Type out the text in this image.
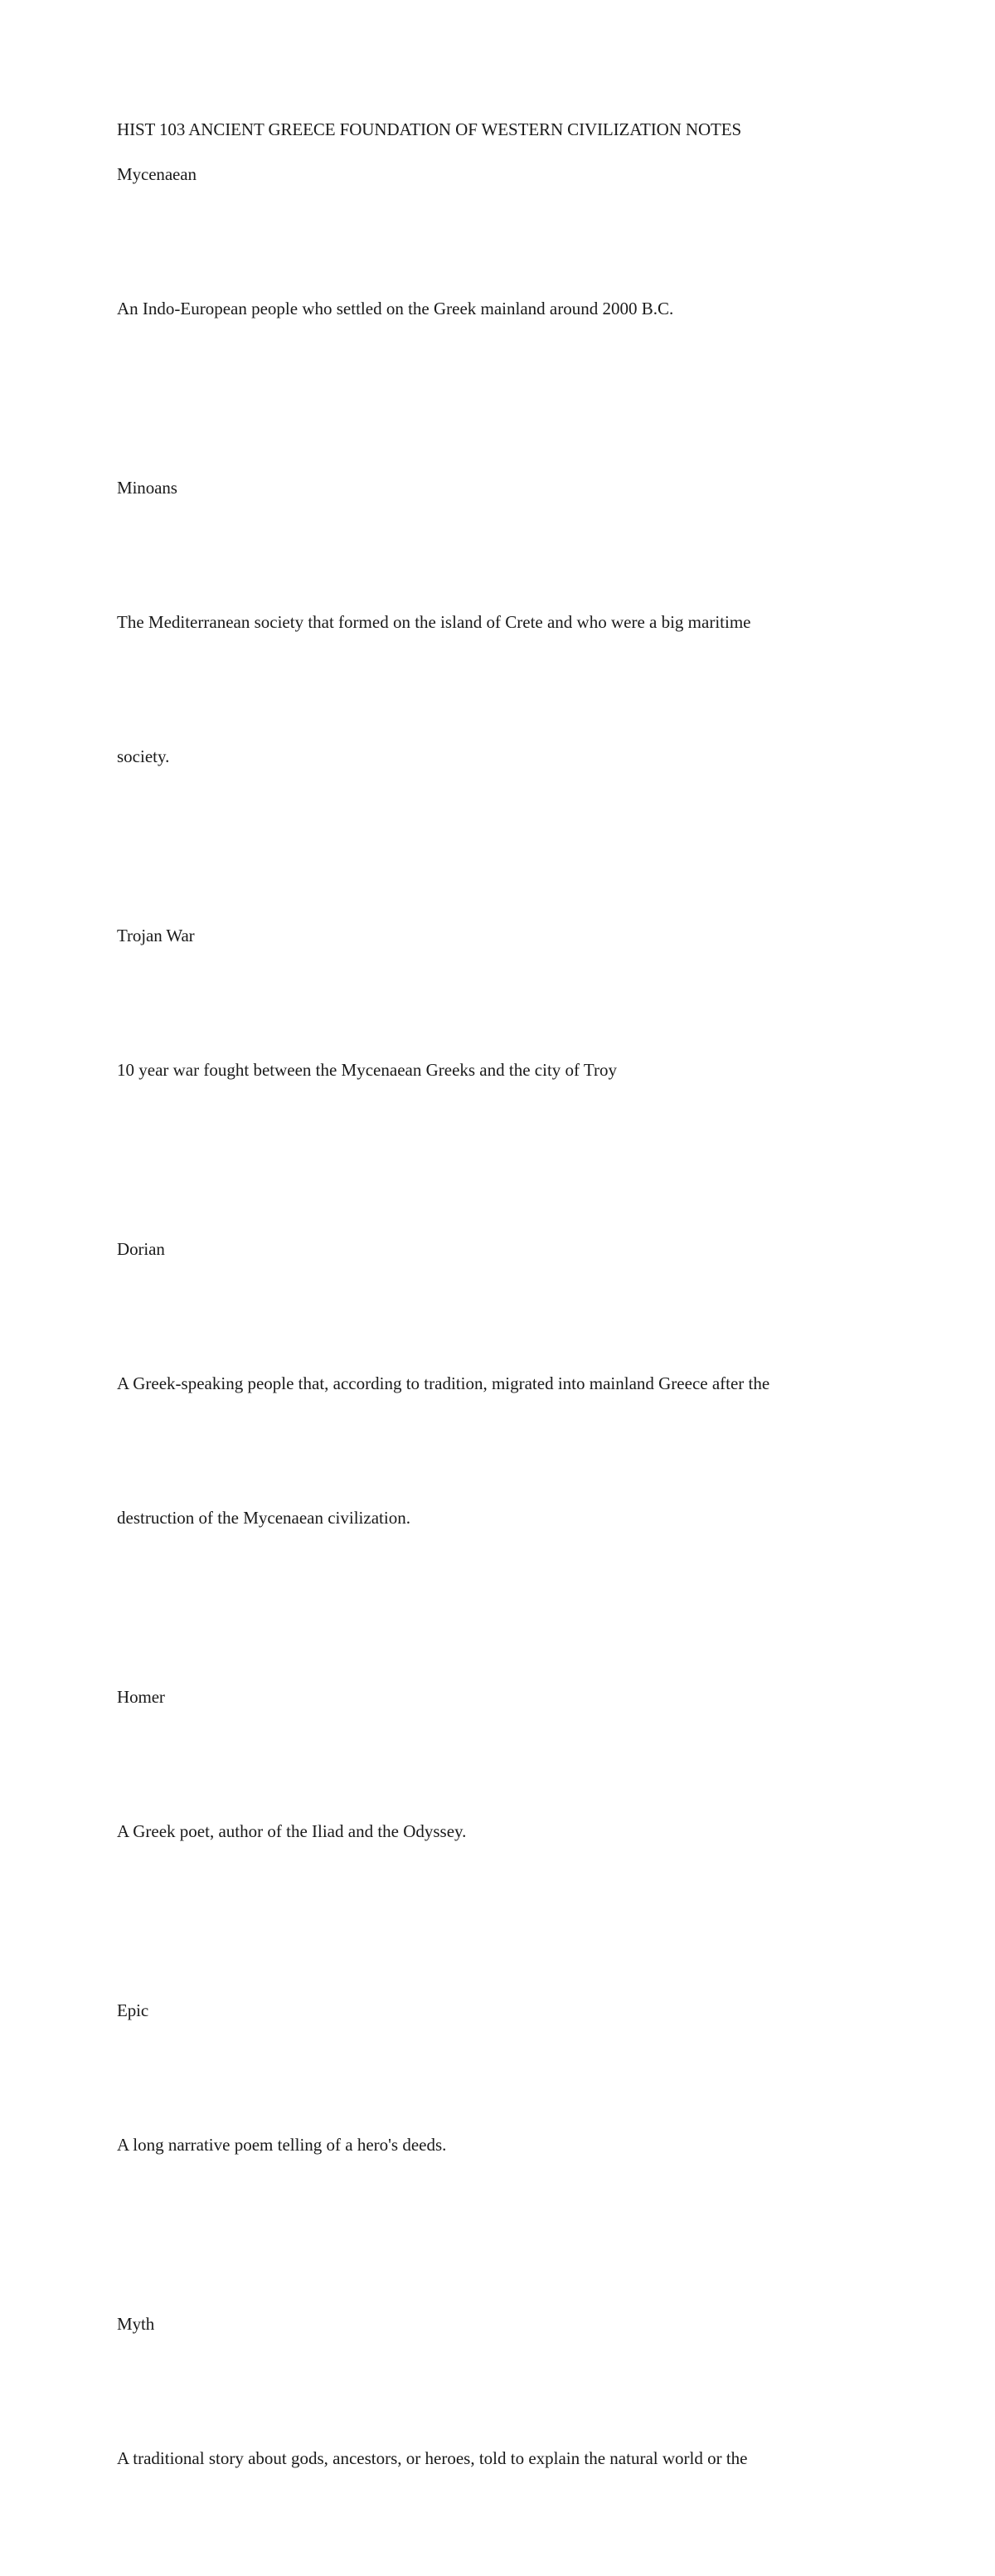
HIST 103 ANCIENT GREECE FOUNDATION OF WESTERN CIVILIZATION NOTES

Mycenaean

An Indo-European people who settled on the Greek mainland around 2000 B.C.

Minoans

The Mediterranean society that formed on the island of Crete and who were a big maritime

society.

Trojan War

10 year war fought between the Mycenaean Greeks and the city of Troy

Dorian

A Greek-speaking people that, according to tradition, migrated into mainland Greece after the

destruction of the Mycenaean civilization.

Homer

A Greek poet, author of the Iliad and the Odyssey.

Epic

A long narrative poem telling of a hero's deeds.

Myth

A traditional story about gods, ancestors, or heroes, told to explain the natural world or the
